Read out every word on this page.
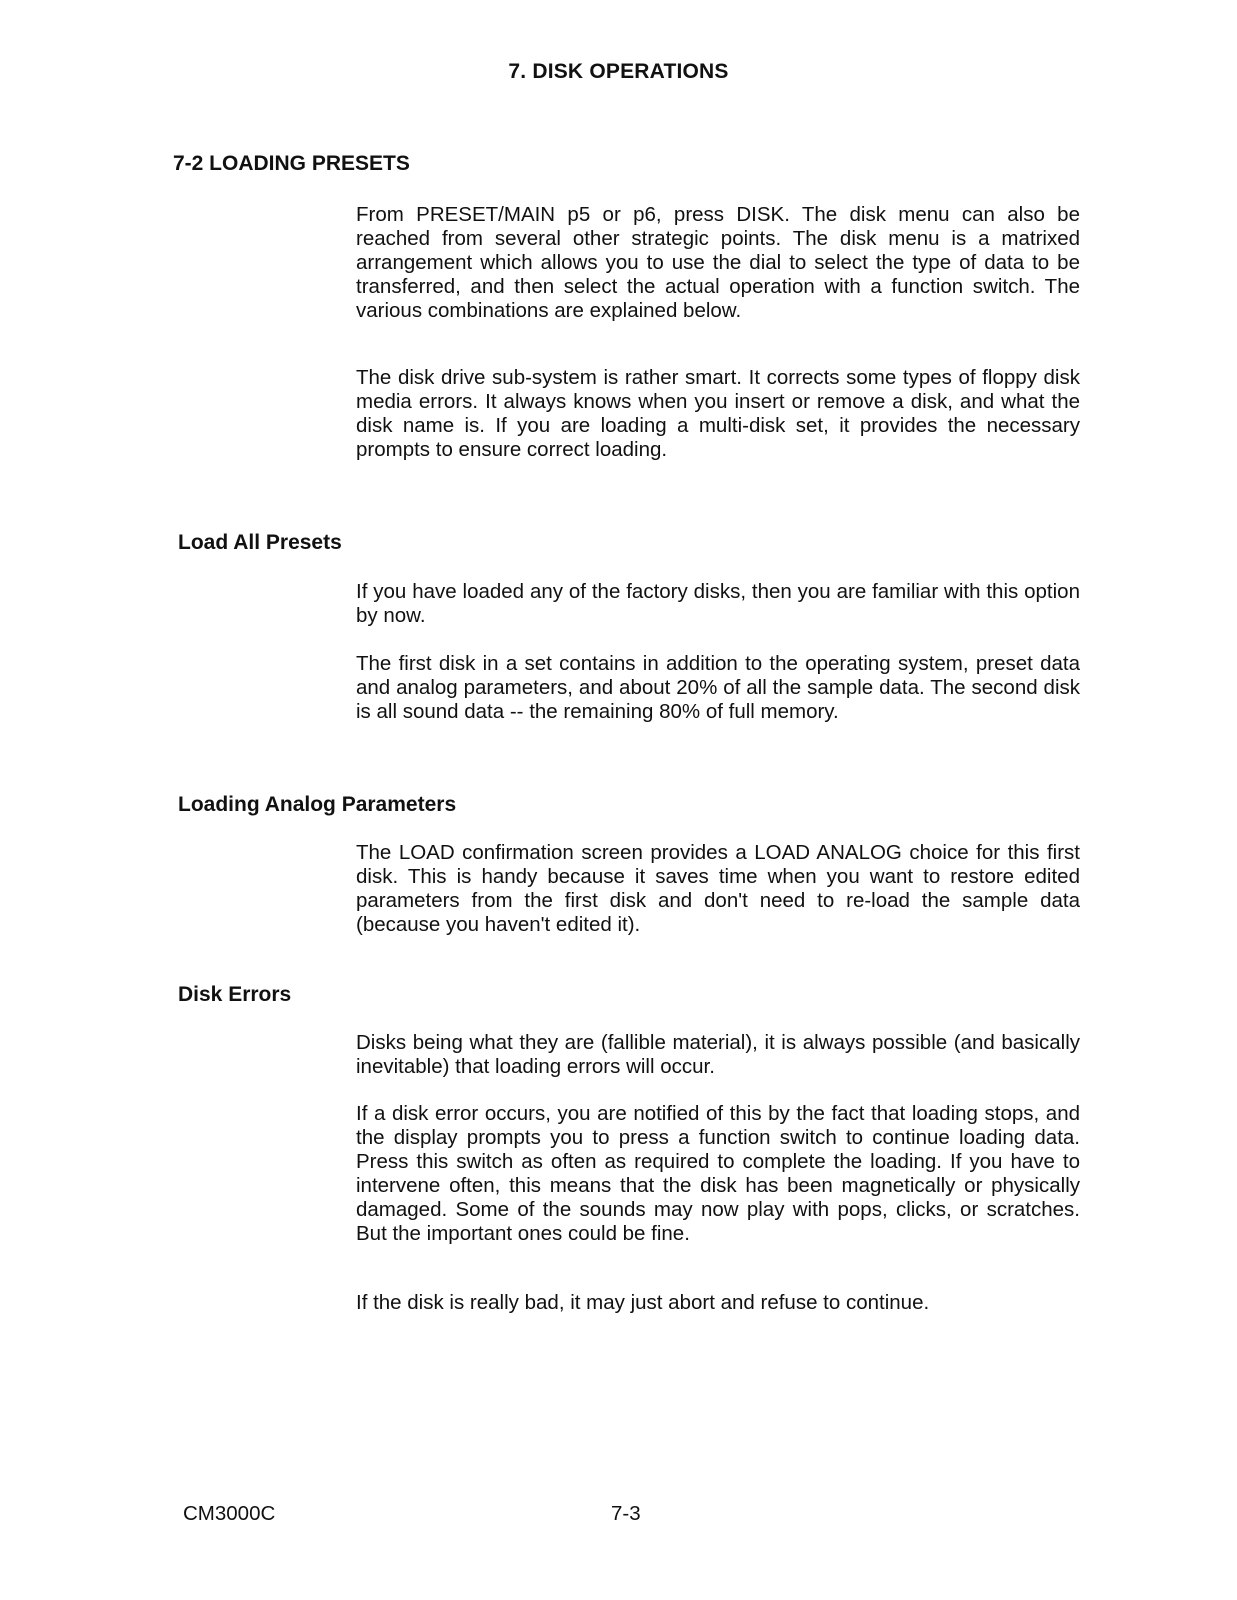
7. DISK OPERATIONS
7-2 LOADING PRESETS

From PRESET/MAIN p5 or p6, press DISK. The disk menu can also be reached from several other strategic points. The disk menu is a matrixed arrangement which allows you to use the dial to select the type of data to be transferred, and then select the actual operation with a function switch. The various combinations are explained below.

The disk drive sub-system is rather smart. It corrects some types of floppy disk media errors. It always knows when you insert or remove a disk, and what the disk name is. If you are loading a multi-disk set, it provides the necessary prompts to ensure correct loading.

Load All Presets

If you have loaded any of the factory disks, then you are familiar with this option by now.

The first disk in a set contains in addition to the operating system, preset data and analog parameters, and about 20% of all the sample data. The second disk is all sound data -- the remaining 80% of full memory.

Loading Analog Parameters

The LOAD confirmation screen provides a LOAD ANALOG choice for this first disk. This is handy because it saves time when you want to restore edited parameters from the first disk and don't need to re-load the sample data (because you haven't edited it).

Disk Errors

Disks being what they are (fallible material), it is always possible (and basically inevitable) that loading errors will occur.

If a disk error occurs, you are notified of this by the fact that loading stops, and the display prompts you to press a function switch to continue loading data. Press this switch as often as required to complete the loading. If you have to intervene often, this means that the disk has been magnetically or physically damaged. Some of the sounds may now play with pops, clicks, or scratches. But the important ones could be fine.

If the disk is really bad, it may just abort and refuse to continue.

CM3000C	7-3
